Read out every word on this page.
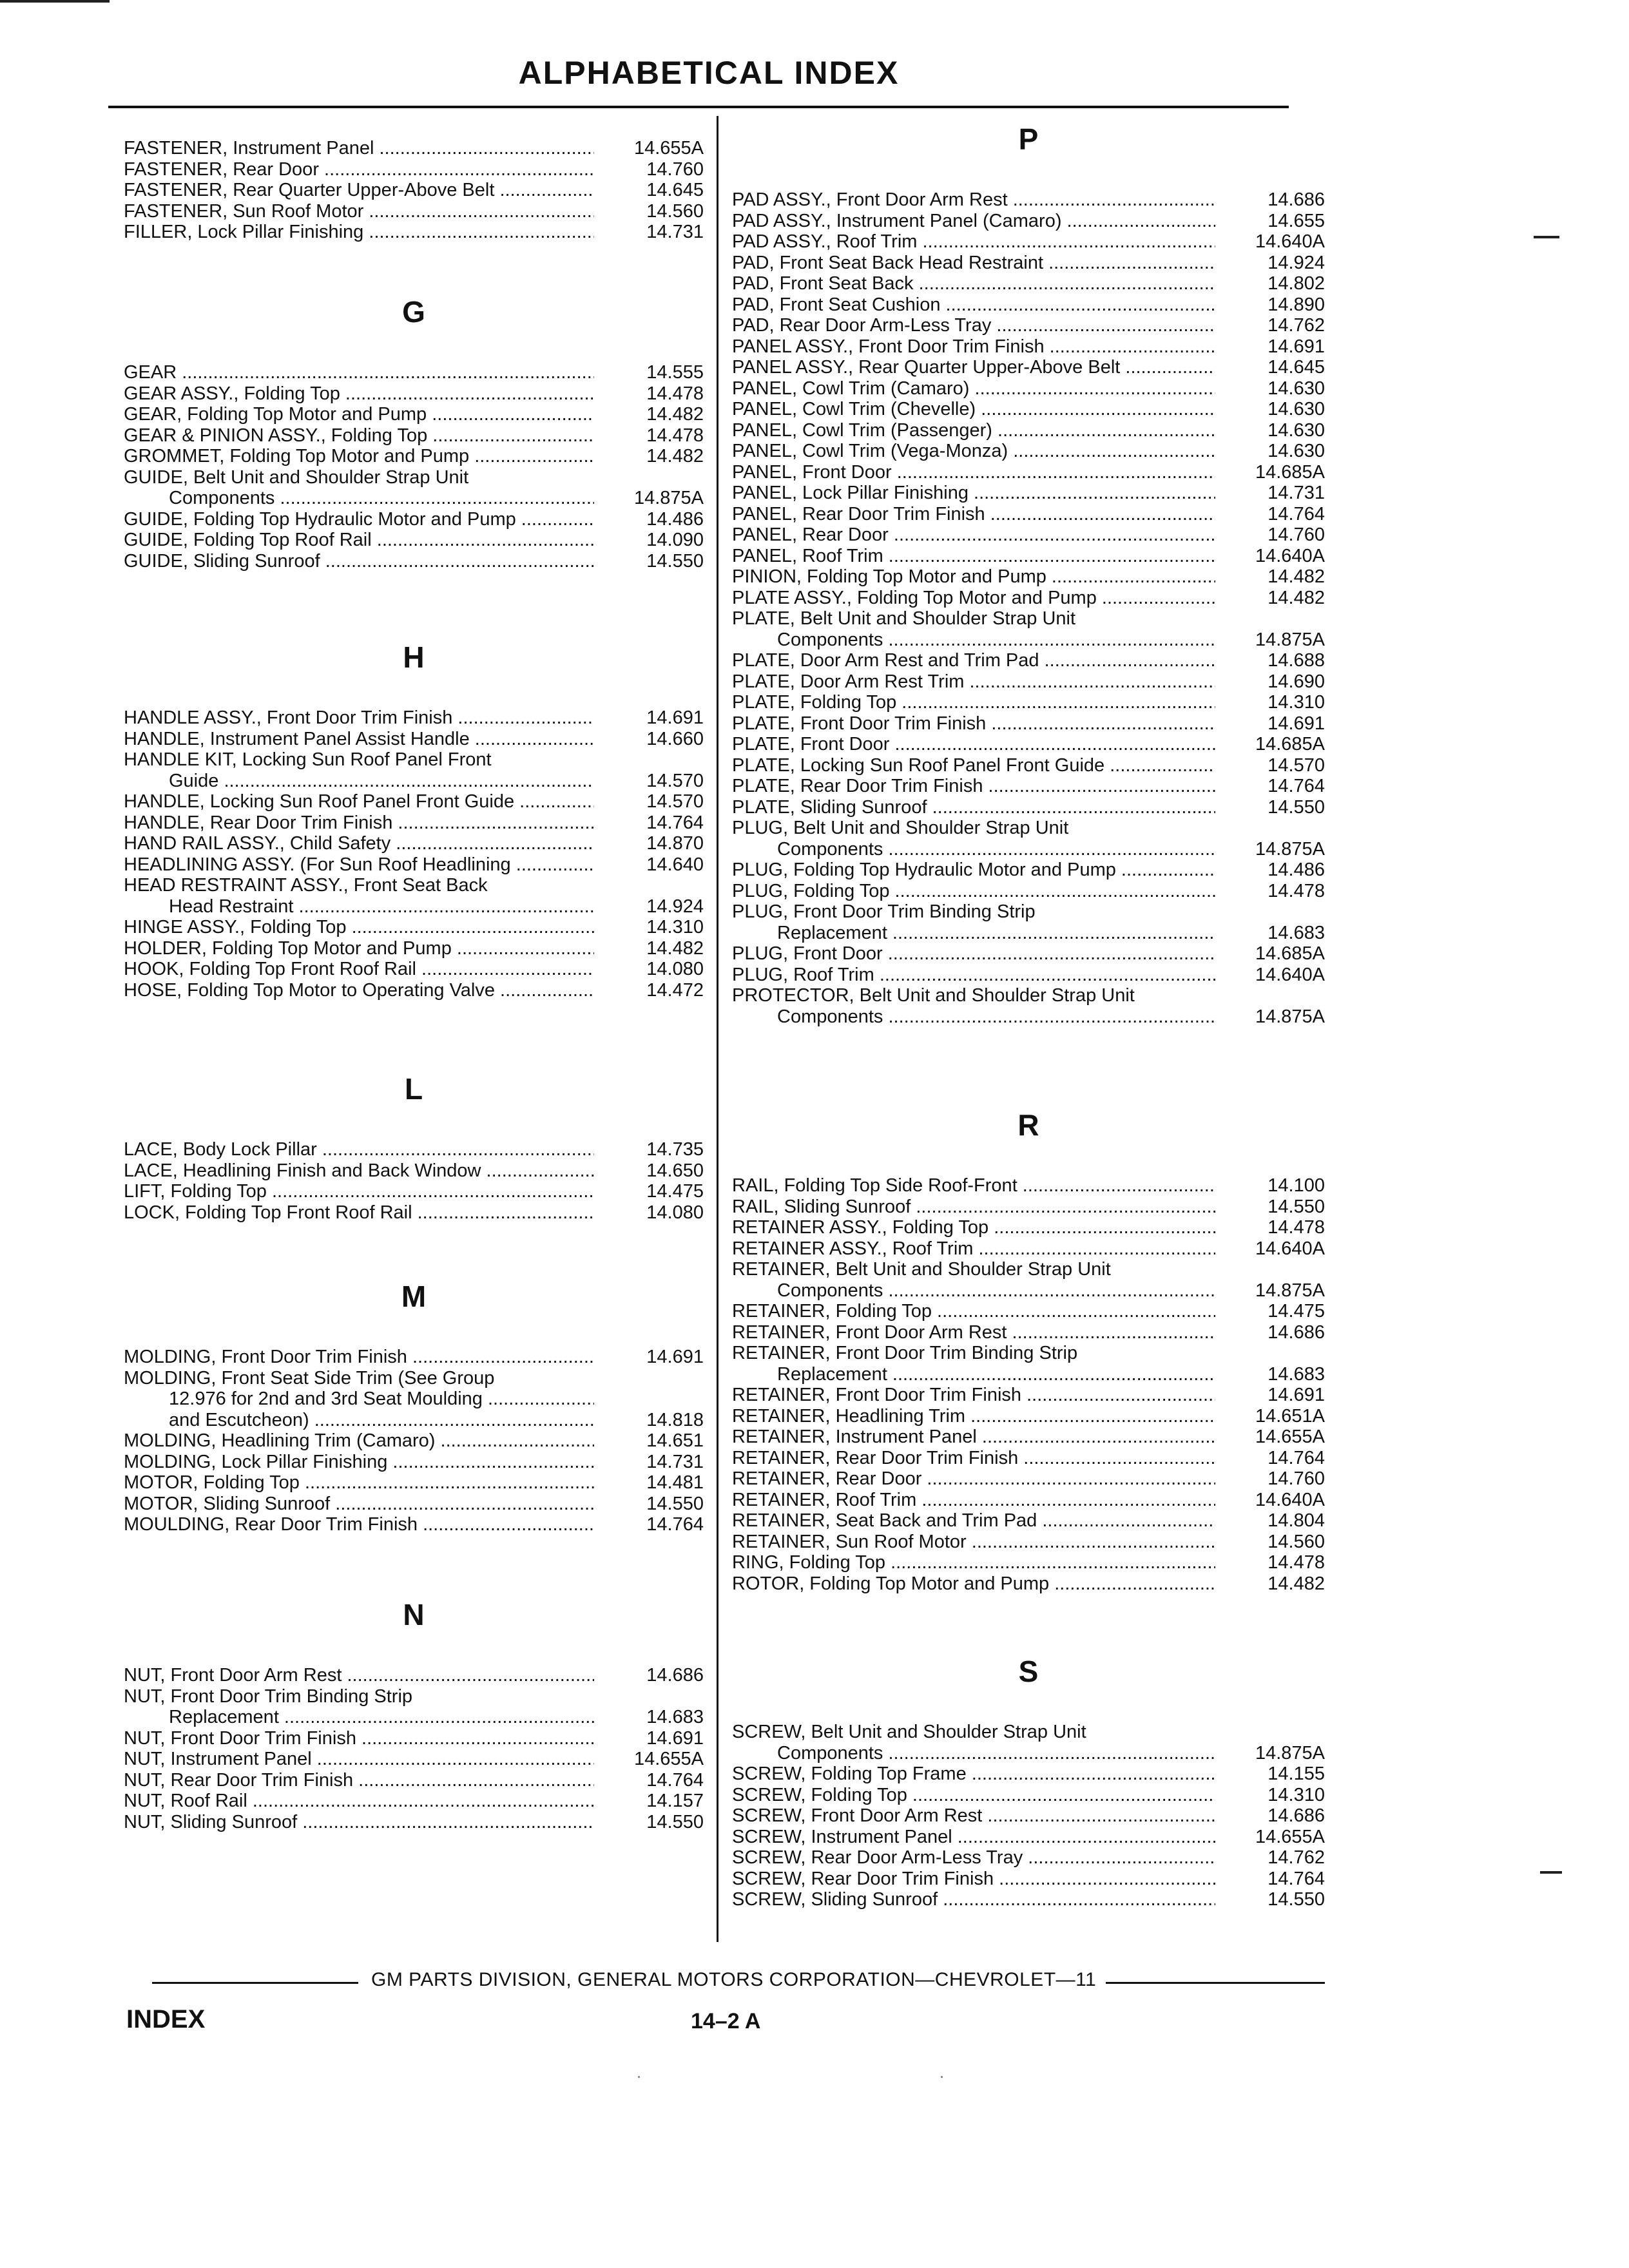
ALPHABETICAL INDEX
FASTENER, Instrument Panel .....	14.655A
FASTENER, Rear Door .....	14.760
FASTENER, Rear Quarter Upper-Above Belt .....	14.645
FASTENER, Sun Roof Motor .....	14.560
FILLER, Lock Pillar Finishing .....	14.731
G
GEAR .....	14.555
GEAR ASSY., Folding Top .....	14.478
GEAR, Folding Top Motor and Pump .....	14.482
GEAR & PINION ASSY., Folding Top .....	14.478
GROMMET, Folding Top Motor and Pump .....	14.482
GUIDE, Belt Unit and Shoulder Strap Unit
Components .....	14.875A
GUIDE, Folding Top Hydraulic Motor and Pump .....	14.486
GUIDE, Folding Top Roof Rail .....	14.090
GUIDE, Sliding Sunroof .....	14.550
H
HANDLE ASSY., Front Door Trim Finish .....	14.691
HANDLE, Instrument Panel Assist Handle .....	14.660
HANDLE KIT, Locking Sun Roof Panel Front
Guide .....	14.570
HANDLE, Locking Sun Roof Panel Front Guide .....	14.570
HANDLE, Rear Door Trim Finish .....	14.764
HAND RAIL ASSY., Child Safety .....	14.870
HEADLINING ASSY. (For Sun Roof Headlining .....	14.640
HEAD RESTRAINT ASSY., Front Seat Back
Head Restraint .....	14.924
HINGE ASSY., Folding Top .....	14.310
HOLDER, Folding Top Motor and Pump .....	14.482
HOOK, Folding Top Front Roof Rail .....	14.080
HOSE, Folding Top Motor to Operating Valve .....	14.472
L
LACE, Body Lock Pillar .....	14.735
LACE, Headlining Finish and Back Window .....	14.650
LIFT, Folding Top .....	14.475
LOCK, Folding Top Front Roof Rail .....	14.080
M
MOLDING, Front Door Trim Finish .....	14.691
MOLDING, Front Seat Side Trim (See Group
12.976 for 2nd and 3rd Seat Moulding .....
and Escutcheon) .....	14.818
MOLDING, Headlining Trim (Camaro) .....	14.651
MOLDING, Lock Pillar Finishing .....	14.731
MOTOR, Folding Top .....	14.481
MOTOR, Sliding Sunroof .....	14.550
MOULDING, Rear Door Trim Finish .....	14.764
N
NUT, Front Door Arm Rest .....	14.686
NUT, Front Door Trim Binding Strip
Replacement .....	14.683
NUT, Front Door Trim Finish .....	14.691
NUT, Instrument Panel .....	14.655A
NUT, Rear Door Trim Finish .....	14.764
NUT, Roof Rail .....	14.157
NUT, Sliding Sunroof .....	14.550
P
PAD ASSY., Front Door Arm Rest .....	14.686
PAD ASSY., Instrument Panel (Camaro) .....	14.655
PAD ASSY., Roof Trim .....	14.640A
PAD, Front Seat Back Head Restraint .....	14.924
PAD, Front Seat Back .....	14.802
PAD, Front Seat Cushion .....	14.890
PAD, Rear Door Arm-Less Tray .....	14.762
PANEL ASSY., Front Door Trim Finish .....	14.691
PANEL ASSY., Rear Quarter Upper-Above Belt .....	14.645
PANEL, Cowl Trim (Camaro) .....	14.630
PANEL, Cowl Trim (Chevelle) .....	14.630
PANEL, Cowl Trim (Passenger) .....	14.630
PANEL, Cowl Trim (Vega-Monza) .....	14.630
PANEL, Front Door .....	14.685A
PANEL, Lock Pillar Finishing .....	14.731
PANEL, Rear Door Trim Finish .....	14.764
PANEL, Rear Door .....	14.760
PANEL, Roof Trim .....	14.640A
PINION, Folding Top Motor and Pump .....	14.482
PLATE ASSY., Folding Top Motor and Pump .....	14.482
PLATE, Belt Unit and Shoulder Strap Unit
Components .....	14.875A
PLATE, Door Arm Rest and Trim Pad .....	14.688
PLATE, Door Arm Rest Trim .....	14.690
PLATE, Folding Top .....	14.310
PLATE, Front Door Trim Finish .....	14.691
PLATE, Front Door .....	14.685A
PLATE, Locking Sun Roof Panel Front Guide .....	14.570
PLATE, Rear Door Trim Finish .....	14.764
PLATE, Sliding Sunroof .....	14.550
PLUG, Belt Unit and Shoulder Strap Unit
Components .....	14.875A
PLUG, Folding Top Hydraulic Motor and Pump .....	14.486
PLUG, Folding Top .....	14.478
PLUG, Front Door Trim Binding Strip
Replacement .....	14.683
PLUG, Front Door .....	14.685A
PLUG, Roof Trim .....	14.640A
PROTECTOR, Belt Unit and Shoulder Strap Unit
Components .....	14.875A
R
RAIL, Folding Top Side Roof-Front .....	14.100
RAIL, Sliding Sunroof .....	14.550
RETAINER ASSY., Folding Top .....	14.478
RETAINER ASSY., Roof Trim .....	14.640A
RETAINER, Belt Unit and Shoulder Strap Unit
Components .....	14.875A
RETAINER, Folding Top .....	14.475
RETAINER, Front Door Arm Rest .....	14.686
RETAINER, Front Door Trim Binding Strip
Replacement .....	14.683
RETAINER, Front Door Trim Finish .....	14.691
RETAINER, Headlining Trim .....	14.651A
RETAINER, Instrument Panel .....	14.655A
RETAINER, Rear Door Trim Finish .....	14.764
RETAINER, Rear Door .....	14.760
RETAINER, Roof Trim .....	14.640A
RETAINER, Seat Back and Trim Pad .....	14.804
RETAINER, Sun Roof Motor .....	14.560
RING, Folding Top .....	14.478
ROTOR, Folding Top Motor and Pump .....	14.482
S
SCREW, Belt Unit and Shoulder Strap Unit
Components .....	14.875A
SCREW, Folding Top Frame .....	14.155
SCREW, Folding Top .....	14.310
SCREW, Front Door Arm Rest .....	14.686
SCREW, Instrument Panel .....	14.655A
SCREW, Rear Door Arm-Less Tray .....	14.762
SCREW, Rear Door Trim Finish .....	14.764
SCREW, Sliding Sunroof .....	14.550
GM PARTS DIVISION, GENERAL MOTORS CORPORATION—CHEVROLET—11
INDEX	14–2 A
